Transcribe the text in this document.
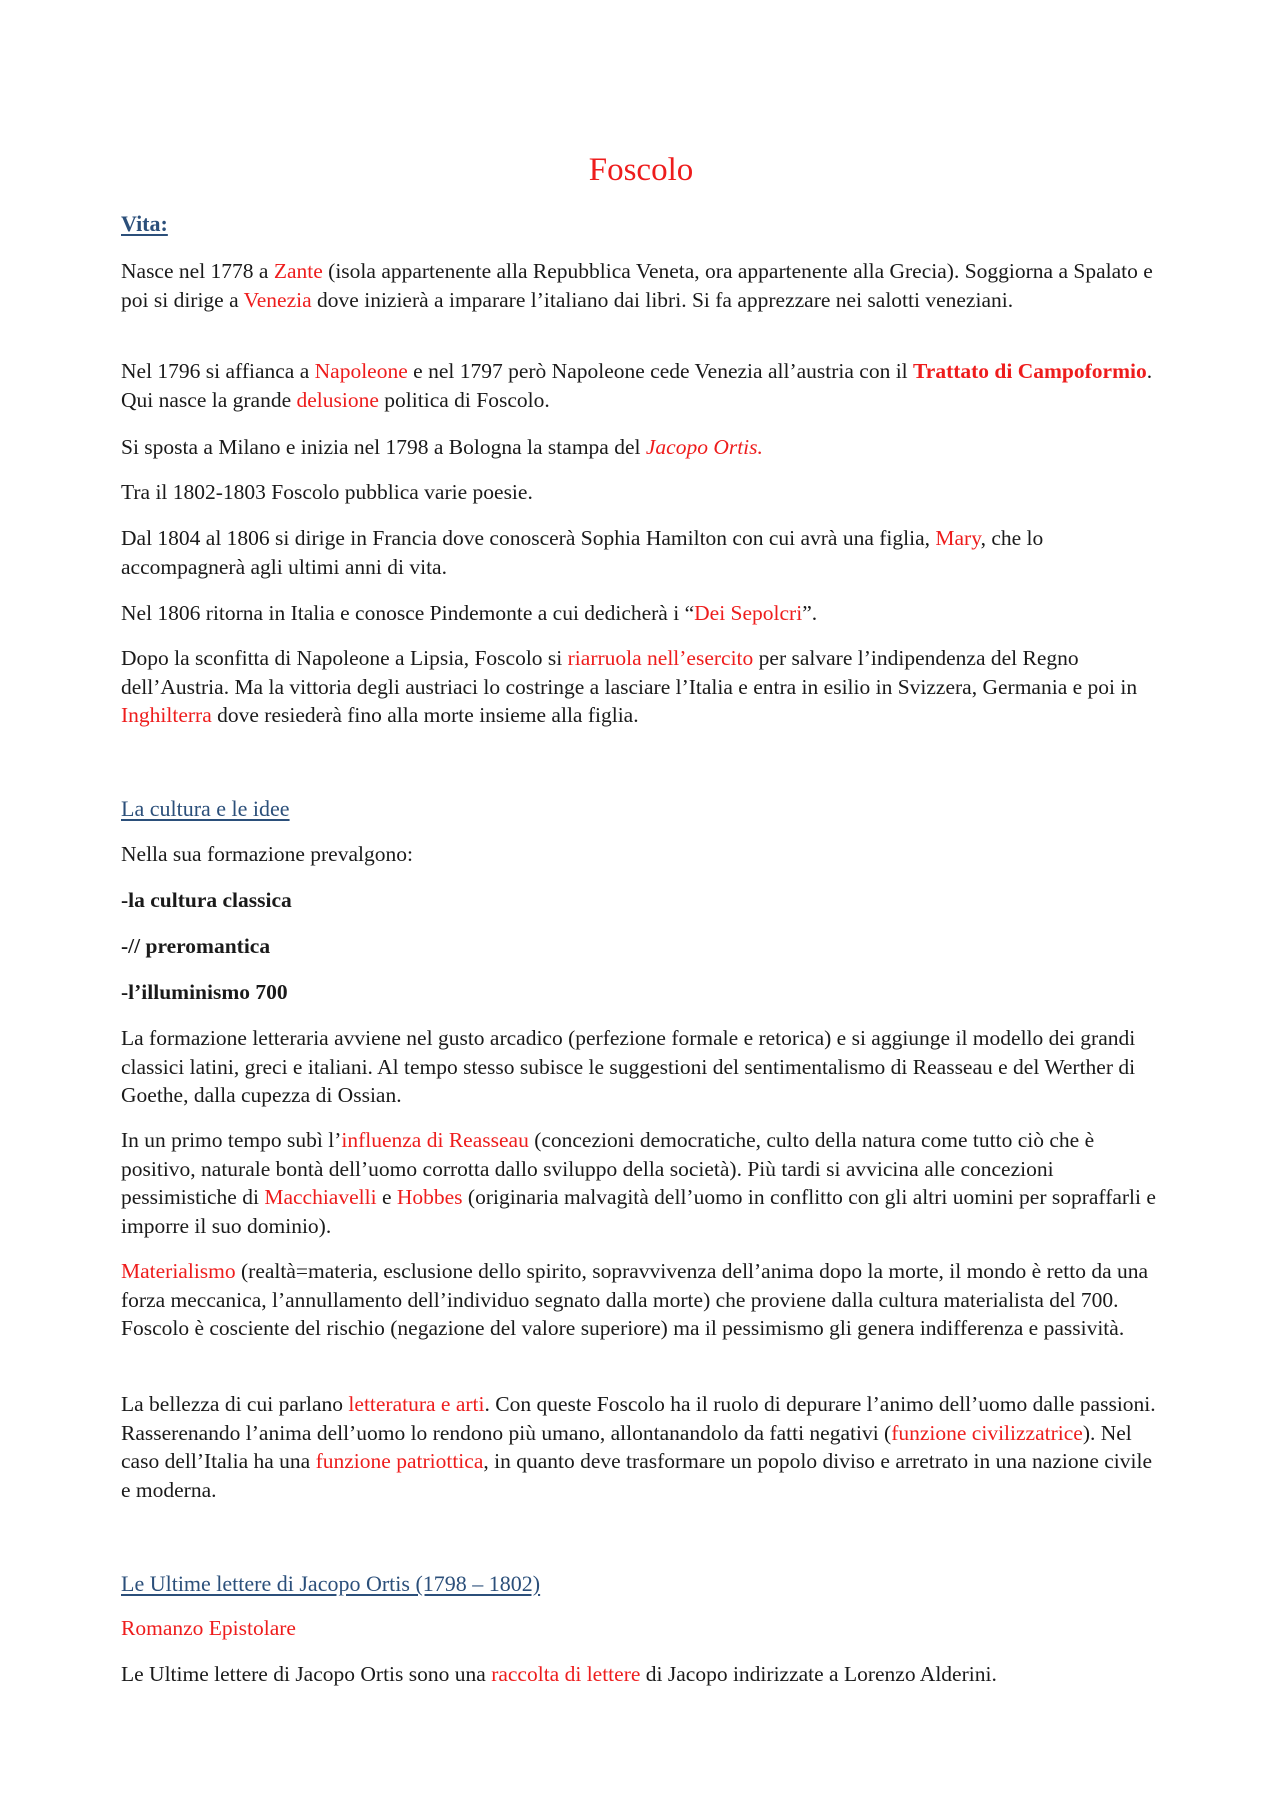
Foscolo
Vita:
Nasce nel 1778 a Zante (isola appartenente alla Repubblica Veneta, ora appartenente alla Grecia). Soggiorna a Spalato e poi si dirige a Venezia dove inizierà a imparare l’italiano dai libri. Si fa apprezzare nei salotti veneziani.
Nel 1796 si affianca a Napoleone e nel 1797 però Napoleone cede Venezia all’austria con il Trattato di Campoformio. Qui nasce la grande delusione politica di Foscolo.
Si sposta a Milano e inizia nel 1798 a Bologna la stampa del Jacopo Ortis.
Tra il 1802-1803 Foscolo pubblica varie poesie.
Dal 1804 al 1806 si dirige in Francia dove conoscerà Sophia Hamilton con cui avrà una figlia, Mary, che lo accompagnerà agli ultimi anni di vita.
Nel 1806 ritorna in Italia e conosce Pindemonte a cui dedicherà i “Dei Sepolcri”.
Dopo la sconfitta di Napoleone a Lipsia, Foscolo si riarruola nell’esercito per salvare l’indipendenza del Regno dell’Austria. Ma la vittoria degli austriaci lo costringe a lasciare l’Italia e entra in esilio in Svizzera, Germania e poi in Inghilterra dove resiederà fino alla morte insieme alla figlia.
La cultura e le idee
Nella sua formazione prevalgono:
-la cultura classica
-// preromantica
-l’illuminismo 700
La formazione letteraria avviene nel gusto arcadico (perfezione formale e retorica) e si aggiunge il modello dei grandi classici latini, greci e italiani. Al tempo stesso subisce le suggestioni del sentimentalismo di Reasseau e del Werther di Goethe, dalla cupezza di Ossian.
In un primo tempo subì l’influenza di Reasseau (concezioni democratiche, culto della natura come tutto ciò che è positivo, naturale bontà dell’uomo corrotta dallo sviluppo della società). Più tardi si avvicina alle concezioni pessimistiche di Macchiavelli e Hobbes (originaria malvagità dell’uomo in conflitto con gli altri uomini per sopraffarli e imporre il suo dominio).
Materialismo (realtà=materia, esclusione dello spirito, sopravvivenza dell’anima dopo la morte, il mondo è retto da una forza meccanica, l’annullamento dell’individuo segnato dalla morte) che proviene dalla cultura materialista del 700. Foscolo è cosciente del rischio (negazione del valore superiore) ma il pessimismo gli genera indifferenza e passività.
La bellezza di cui parlano letteratura e arti. Con queste Foscolo ha il ruolo di depurare l’animo dell’uomo dalle passioni. Rasserenando l’anima dell’uomo lo rendono più umano, allontanandolo da fatti negativi (funzione civilizzatrice). Nel caso dell’Italia ha una funzione patriottica, in quanto deve trasformare un popolo diviso e arretrato in una nazione civile e moderna.
Le Ultime lettere di Jacopo Ortis (1798 – 1802)
Romanzo Epistolare
Le Ultime lettere di Jacopo Ortis sono una raccolta di lettere di Jacopo indirizzate a Lorenzo Alderini.
